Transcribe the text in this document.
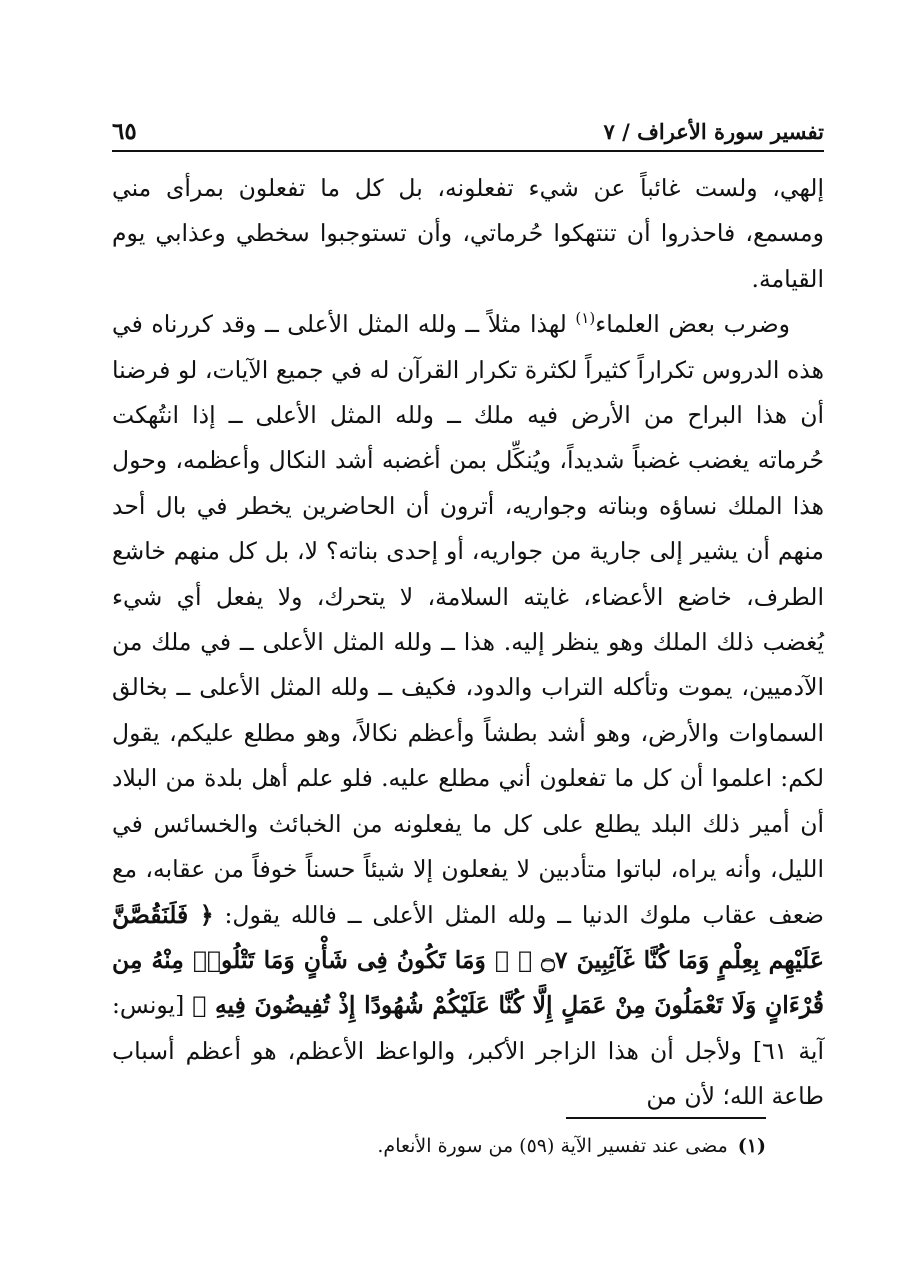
تفسير سورة الأعراف / ٧
٦٥

إلهي، ولست غائباً عن شيء تفعلونه، بل كل ما تفعلون بمرأى مني ومسمع، فاحذروا أن تنتهكوا حُرماتي، وأن تستوجبوا سخطي وعذابي يوم القيامة.

وضرب بعض العلماء$^{(١)}$ لهذا مثلاً ــ ولله المثل الأعلى ــ وقد كررناه في هذه الدروس تكراراً كثيراً لكثرة تكرار القرآن له في جميع الآيات، لو فرضنا أن هذا البراح من الأرض فيه ملك ــ ولله المثل الأعلى ــ إذا انتُهكت حُرماته يغضب غضباً شديداً، ويُنكِّل بمن أغضبه أشد النكال وأعظمه، وحول هذا الملك نساؤه وبناته وجواريه، أترون أن الحاضرين يخطر في بال أحد منهم أن يشير إلى جارية من جواريه، أو إحدى بناته؟ لا، بل كل منهم خاشع الطرف، خاضع الأعضاء، غايته السلامة، لا يتحرك، ولا يفعل أي شيء يُغضب ذلك الملك وهو ينظر إليه. هذا ــ ولله المثل الأعلى ــ في ملك من الآدميين، يموت وتأكله التراب والدود، فكيف ــ ولله المثل الأعلى ــ بخالق السماوات والأرض، وهو أشد بطشاً وأعظم نكالاً، وهو مطلع عليكم، يقول لكم: اعلموا أن كل ما تفعلون أني مطلع عليه. فلو علم أهل بلدة من البلاد أن أمير ذلك البلد يطلع على كل ما يفعلونه من الخبائث والخسائس في الليل، وأنه يراه، لباتوا متأدبين لا يفعلون إلا شيئاً حسناً خوفاً من عقابه، مع ضعف عقاب ملوك الدنيا ــ ولله المثل الأعلى ــ فالله يقول: ﴿ فَلَنَقُصَّنَّ عَلَيْهِم بِعِلْمٍ وَمَا كُنَّا غَآئِبِينَ ۝٧ ﴾ ﴿ وَمَا تَكُونُ فِى شَأْنٍ وَمَا تَتْلُوا۟ مِنْهُ مِن قُرْءَانٍ وَلَا تَعْمَلُونَ مِنْ عَمَلٍ إِلَّا كُنَّا عَلَيْكُمْ شُهُودًا إِذْ تُفِيضُونَ فِيهِ ﴾ [يونس: آية ٦١] ولأجل أن هذا الزاجر الأكبر، والواعظ الأعظم، هو أعظم أسباب طاعة الله؛ لأن من

(١)مضى عند تفسير الآية (٥٩) من سورة الأنعام.
